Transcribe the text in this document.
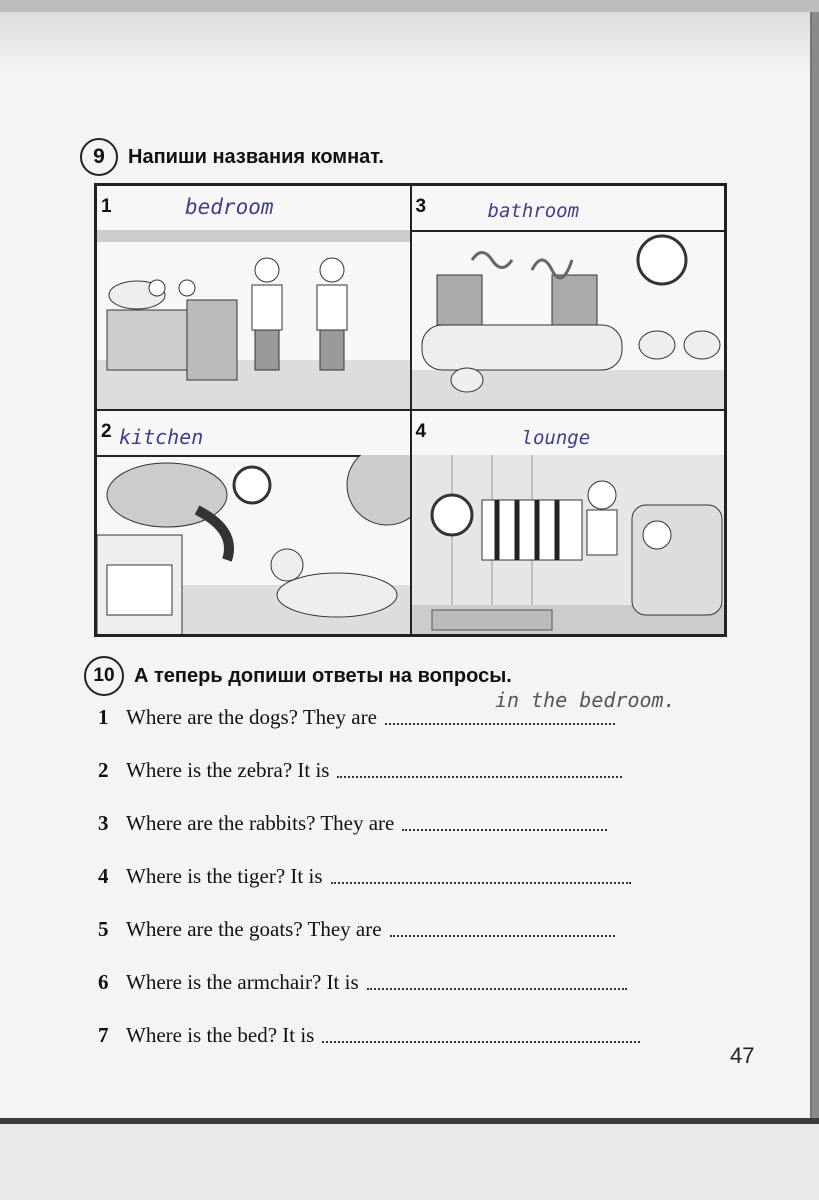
9	Напиши названия комнат.
1	bedroom	3	bathroom
2 kitchen	4	lounge
10 А теперь допиши ответы на вопросы.
1 Where are the dogs? They are
in the bedroom.
2 Where is the zebra? It is
3 Where are the rabbits? They are
4 Where is the tiger? It is
5 Where are the goats? They are
6 Where is the armchair? It is
7 Where is the bed? It is
47
